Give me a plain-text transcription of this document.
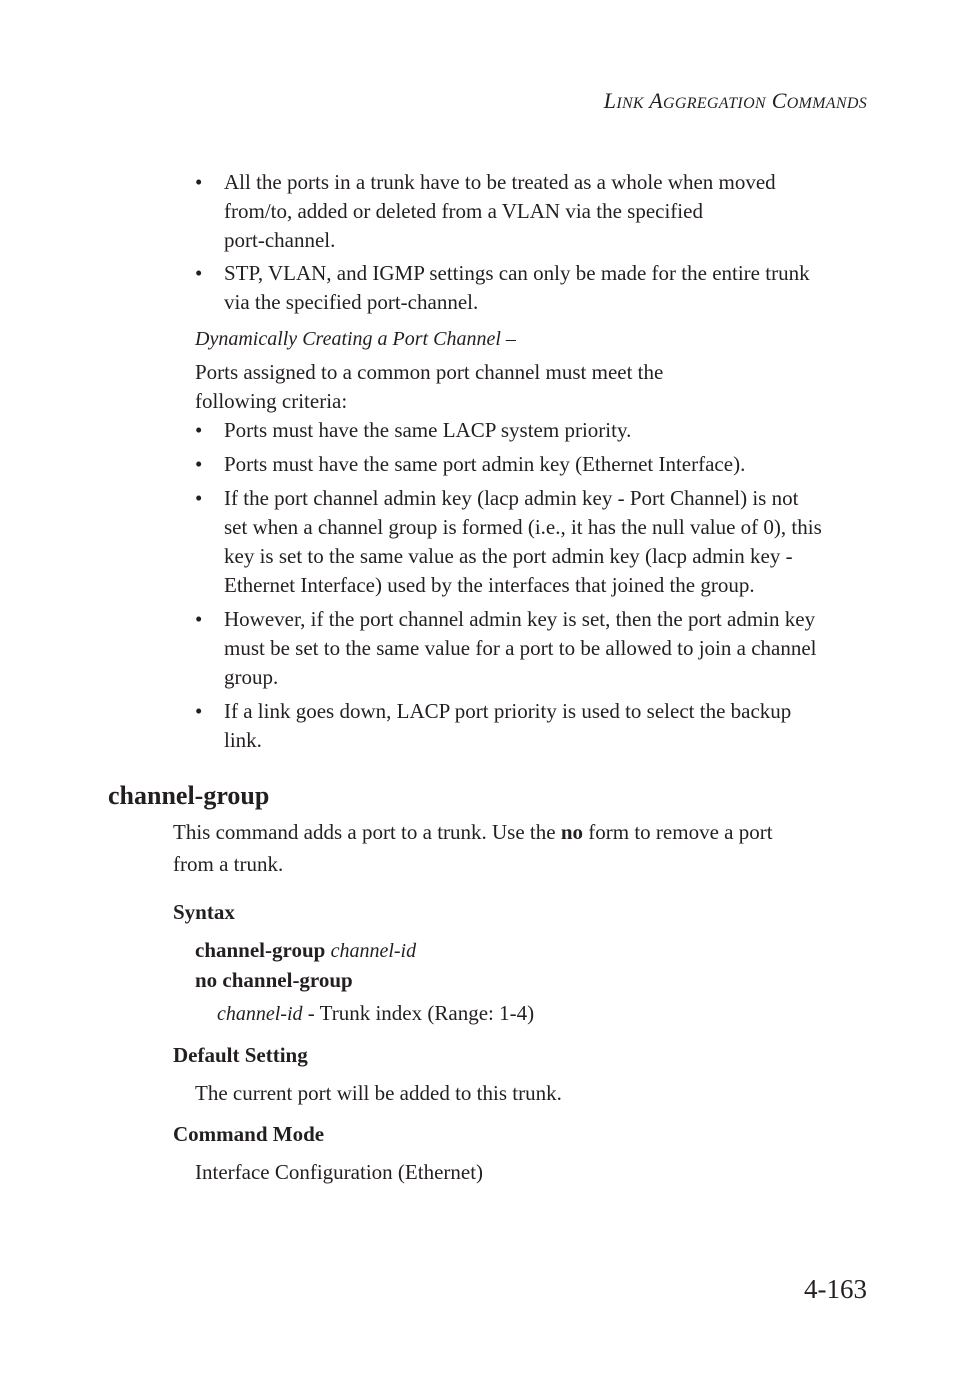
LINK AGGREGATION COMMANDS
• All the ports in a trunk have to be treated as a whole when moved
from/to, added or deleted from a VLAN via the specified
port-channel.
• STP, VLAN, and IGMP settings can only be made for the entire trunk
via the specified port-channel.
Dynamically Creating a Port Channel –
Ports assigned to a common port channel must meet the
following criteria:
• Ports must have the same LACP system priority.
• Ports must have the same port admin key (Ethernet Interface).
• If the port channel admin key (lacp admin key - Port Channel) is not
set when a channel group is formed (i.e., it has the null value of 0), this
key is set to the same value as the port admin key (lacp admin key -
Ethernet Interface) used by the interfaces that joined the group.
• However, if the port channel admin key is set, then the port admin key
must be set to the same value for a port to be allowed to join a channel
group.
• If a link goes down, LACP port priority is used to select the backup
link.
channel-group
This command adds a port to a trunk. Use the no form to remove a port
from a trunk.
Syntax
channel-group channel-id
no channel-group
channel-id - Trunk index (Range: 1-4)
Default Setting
The current port will be added to this trunk.
Command Mode
Interface Configuration (Ethernet)
4-163
